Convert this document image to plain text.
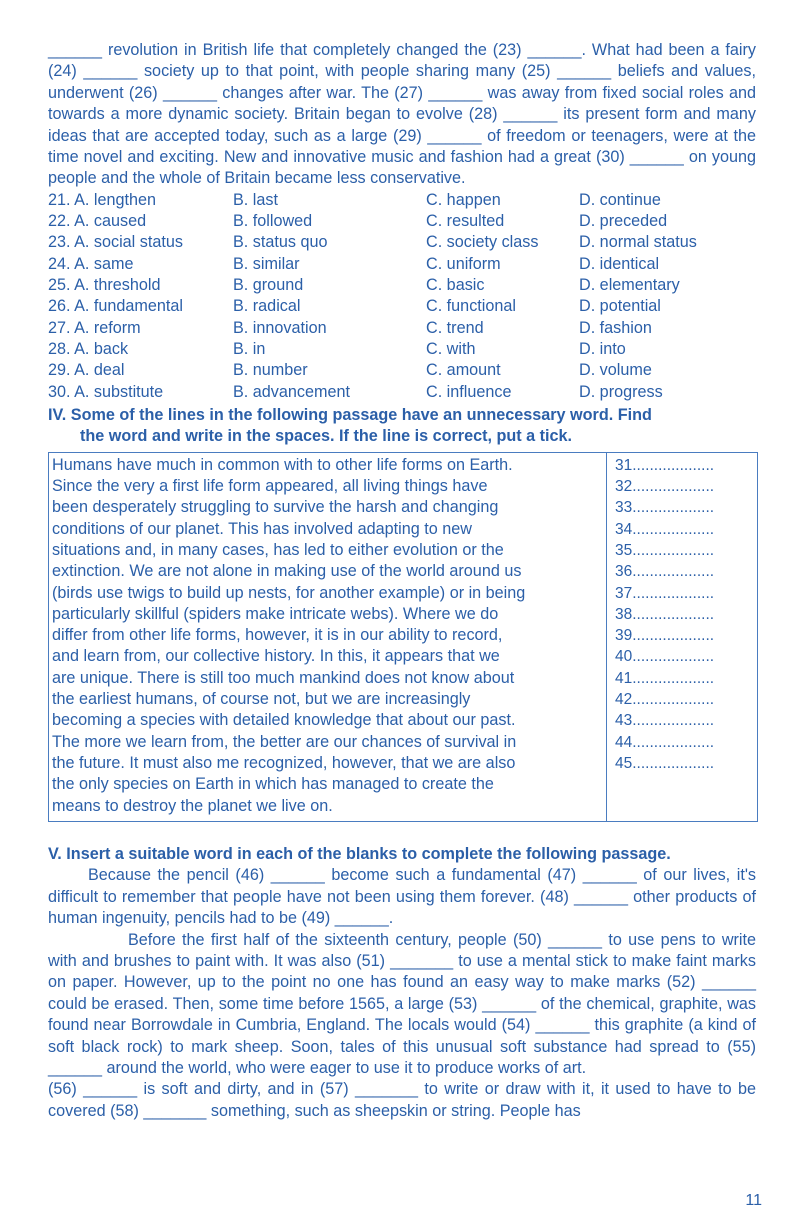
______ revolution in British life that completely changed the (23) ______. What had been a fairy (24) ______ society up to that point, with people sharing many (25) ______ beliefs and values, underwent (26) ______ changes after war. The (27) ______ was away from fixed social roles and towards a more dynamic society. Britain began to evolve (28) ______ its present form and many ideas that are accepted today, such as a large (29) ______ of freedom or teenagers, were at the time novel and exciting. New and innovative music and fashion had a great (30) ______ on young people and the whole of Britain became less conservative.

21. A. lengthen	B. last	C. happen	D. continue
22. A. caused	B. followed	C. resulted	D. preceded
23. A. social status	B. status quo	C. society class	D. normal status
24. A. same	B. similar	C. uniform	D. identical
25. A. threshold	B. ground	C. basic	D. elementary
26. A. fundamental	B. radical	C. functional	D. potential
27. A. reform	B. innovation	C. trend	D. fashion
28. A. back	B. in	C. with	D. into
29. A. deal	B. number	C. amount	D. volume
30. A. substitute	B. advancement	C. influence	D. progress
IV. Some of the lines in the following passage have an unnecessary word. Find
the word and write in the spaces. If the line is correct, put a tick.
Humans have much in common with to other life forms on Earth.
Since the very a first life form appeared, all living things have
been desperately struggling to survive the harsh and changing
conditions of our planet. This has involved adapting to new
situations and, in many cases, has led to either evolution or the
extinction. We are not alone in making use of the world around us
(birds use twigs to build up nests, for another example) or in being
particularly skillful (spiders make intricate webs). Where we do
differ from other life forms, however, it is in our ability to record,
and learn from, our collective history. In this, it appears that we
are unique. There is still too much mankind does not know about
the earliest humans, of course not, but we are increasingly
becoming a species with detailed knowledge that about our past.
The more we learn from, the better are our chances of survival in
the future. It must also me recognized, however, that we are also
the only species on Earth in which has managed to create the
means to destroy the planet we live on.
31...................
32...................
33...................
34...................
35...................
36...................
37...................
38...................
39...................
40...................
41...................
42...................
43...................
44...................
45...................
V. Insert a suitable word in each of the blanks to complete the following passage.

Because the pencil (46) ______ become such a fundamental (47) ______ of our lives, it's difficult to remember that people have not been using them forever. (48) ______ other products of human ingenuity, pencils had to be (49) ______.

Before the first half of the sixteenth century, people (50) ______ to use pens to write with and brushes to paint with. It was also (51) _______ to use a mental stick to make faint marks on paper. However, up to the point no one has found an easy way to make marks (52) ______ could be erased. Then, some time before 1565, a large (53) ______ of the chemical, graphite, was found near Borrowdale in Cumbria, England. The locals would (54) ______ this graphite (a kind of soft black rock) to mark sheep. Soon, tales of this unusual soft substance had spread to (55) ______ around the world, who were eager to use it to produce works of art.

(56) ______ is soft and dirty, and in (57) _______ to write or draw with it, it used to have to be covered (58) _______ something, such as sheepskin or string. People has

11
